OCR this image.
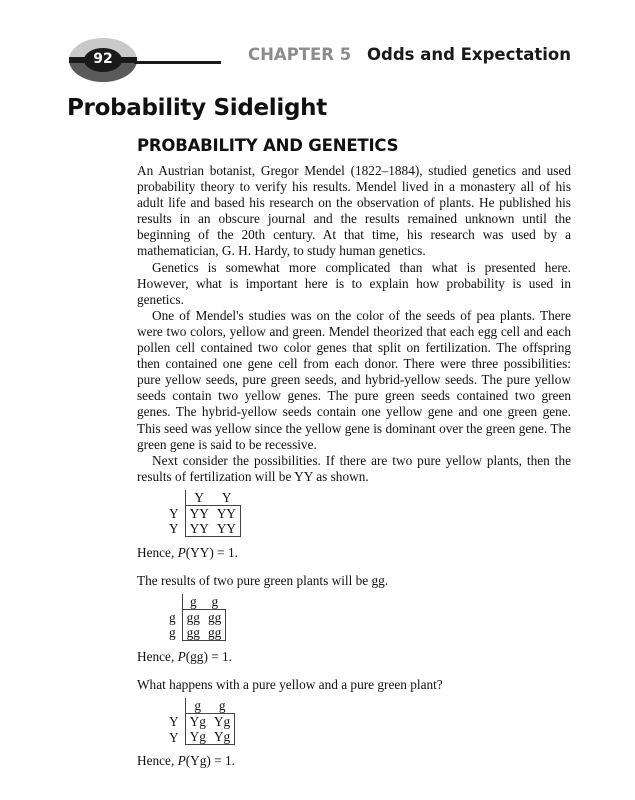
92	CHAPTER 5 Odds and Expectation
Probability Sidelight
PROBABILITY AND GENETICS

An Austrian botanist, Gregor Mendel (1822–1884), studied genetics and used probability theory to verify his results. Mendel lived in a monastery all of his adult life and based his research on the observation of plants. He published his results in an obscure journal and the results remained unknown until the beginning of the 20th century. At that time, his research was used by a mathematician, G. H. Hardy, to study human genetics.

Genetics is somewhat more complicated than what is presented here. However, what is important here is to explain how probability is used in genetics.

One of Mendel's studies was on the color of the seeds of pea plants. There were two colors, yellow and green. Mendel theorized that each egg cell and each pollen cell contained two color genes that split on fertilization. The offspring then contained one gene cell from each donor. There were three possibilities: pure yellow seeds, pure green seeds, and hybrid-yellow seeds. The pure yellow seeds contain two yellow genes. The pure green seeds contained two green genes. The hybrid-yellow seeds contain one yellow gene and one green gene. This seed was yellow since the yellow gene is dominant over the green gene. The green gene is said to be recessive.

Next consider the possibilities. If there are two pure yellow plants, then the results of fertilization will be YY as shown.

	Y	Y
Y	YY	YY
Y	YY	YY

Hence, P(YY) = 1.

The results of two pure green plants will be gg.

	g	g
g	gg	gg
g	gg	gg

Hence, P(gg) = 1.

What happens with a pure yellow and a pure green plant?

	g	g
Y	Yg	Yg
Y	Yg	Yg

Hence, P(Yg) = 1.
